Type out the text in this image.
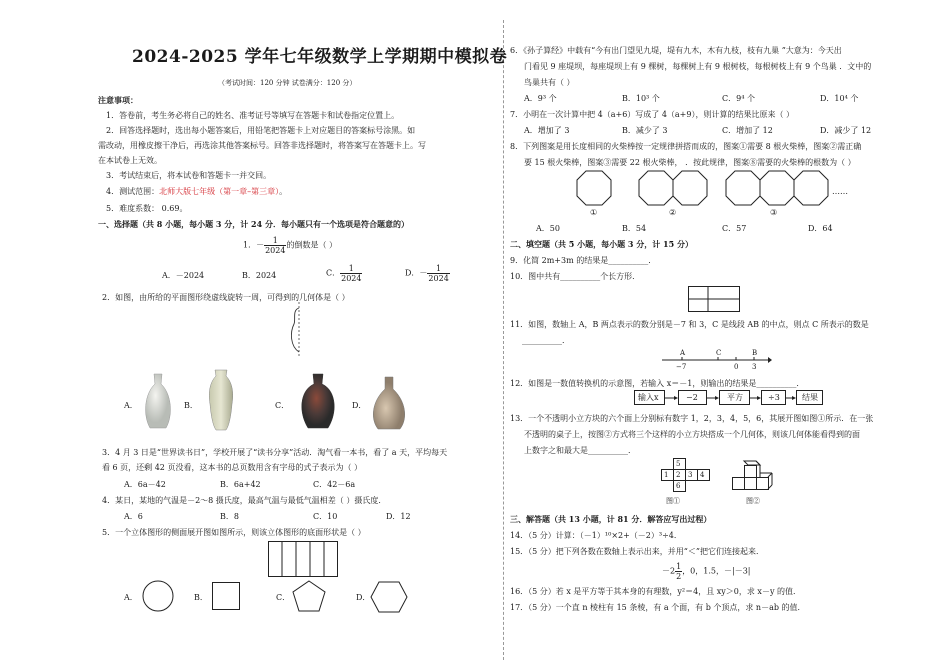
2024-2025 学年七年级数学上学期期中模拟卷
（考试时间：120 分钟 试卷满分：120 分）
注意事项：
1．答卷前，考生务必将自己的姓名、准考证号等填写在答题卡和试卷指定位置上。
2．回答选择题时，选出每小题答案后，用铅笔把答题卡上对应题目的答案标号涂黑。如
需改动，用橡皮擦干净后，再选涂其他答案标号。回答非选择题时，将答案写在答题卡上。写
在本试卷上无效。
3．考试结束后，将本试卷和答题卡一并交回。
4．测试范围：北师大版七年级（第一章–第三章）。
5．难度系数： 0.69。
一、选择题（共 8 小题，每小题 3 分，计 24 分．每小题只有一个选项是符合题意的）
1．－ $\frac{1}{2024}$ 的倒数是（ ）
A．－2024	B．2024	C． $\frac{1}{2024}$	D．－ $\frac{1}{2024}$
2．如图，由所给的平面图形绕虚线旋转一周，可得到的几何体是（ ）
A．	B．	C．	D．
3．4 月 3 日是“世界读书日”，学校开展了“读书分享”活动．淘气看一本书，看了 a 天，平均每天
看 6 页，还剩 42 页没看，这本书的总页数用含有字母的式子表示为（ ）
A．6a－42	B．6a+42	C．42－6a
4．某日，某地的气温是－2～8 摄氏度，最高气温与最低气温相差（ ）摄氏度．
A．6	B．8	C．10	D．12
5．一个立体图形的侧面展开图如图所示，则该立体图形的底面形状是（ ）
A．	B．	C．	D．
6．《孙子算经》中载有“今有出门望见九堤，堤有九木，木有九枝，枝有九巢 ”大意为：今天出
门看见 9 座堤坝，每座堤坝上有 9 棵树，每棵树上有 9 根树枝，每根树枝上有 9 个鸟巢 ．文中的
鸟巢共有（ ）
A．9³ 个	B．10³ 个	C．9⁴ 个	D．10⁴ 个
7．小明在一次计算中把 4（a+6）写成了 4（a+9），则计算的结果比原来（ ）
A．增加了 3	B．减少了 3	C．增加了 12	D．减少了 12
8．下列图案是用长度相同的火柴棒按一定规律拼搭而成的，图案①需要 8 根火柴棒，图案②需正确
要 15 根火柴棒，图案③需要 22 根火柴棒， ．按此规律，图案⑧需要的火柴棒的根数为（ ）
①	②	③
……
A．50	B．54	C．57	D．64
二、填空题（共 5 小题，每小题 3 分，计 15 分）
9．化简 2m+3m 的结果是__________．
10．图中共有__________个长方形．
11．如图，数轴上 A，B 两点表示的数分别是－7 和 3，C 是线段 AB 的中点，则点 C 所表示的数是
__________．
A	C	B
−7	0 3
12．如图是一数值转换机的示意图，若输入 x＝－1，则输出的结果是__________．
输入x	−2	平方	÷3	结果
13．一个不透明小立方块的六个面上分别标有数字 1，2，3，4，5，6，其展开图如图①所示．在一张
不透明的桌子上，按图②方式将三个这样的小立方块搭成一个几何体，则该几何体能看得到的面
上数字之和最大是__________．
5
1 2 3 4
6
图①	图②
三、解答题（共 13 小题，计 81 分．解答应写出过程）
14．（5 分）计算：（－1）¹⁰×2+（－2）³÷4．
15．（5 分）把下列各数在数轴上表示出来，并用“＜”把它们连接起来．
$-2 \frac{1}{2}$ ，0，1.5，－|－3|
16．（5 分）若 x 是平方等于其本身的有理数，y²＝4，且 xy＞0，求 x－y 的值．
17．（5 分）一个直 n 棱柱有 15 条棱，有 a 个面，有 b 个顶点，求 n－ab 的值．
